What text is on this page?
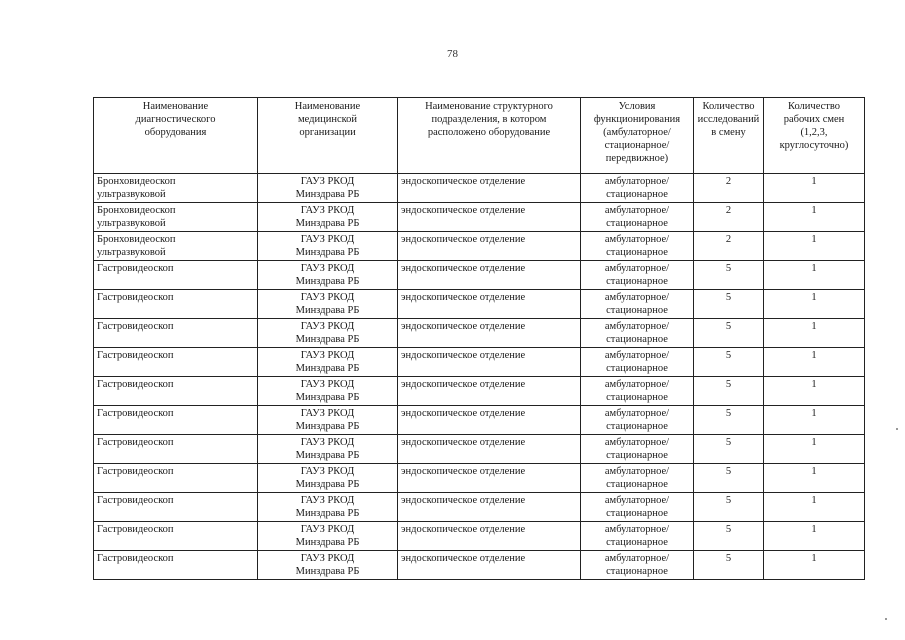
78
Наименование
диагностического
оборудования	Наименование
медицинской
организации	Наименование структурного
подразделения, в котором
расположено оборудование	Условия
функционирования
(амбулаторное/
стационарное/
передвижное)	Количество
исследований
в смену	Количество
рабочих смен
(1,2,3,
круглосуточно)

Бронховидеоскоп
ультразвуковой	ГАУЗ РКОД
Минздрава РБ	эндоскопическое отделение	амбулаторное/
стационарное	2	1

Бронховидеоскоп
ультразвуковой	ГАУЗ РКОД
Минздрава РБ	эндоскопическое отделение	амбулаторное/
стационарное	2	1

Бронховидеоскоп
ультразвуковой	ГАУЗ РКОД
Минздрава РБ	эндоскопическое отделение	амбулаторное/
стационарное	2	1

Гастровидеоскоп	ГАУЗ РКОД
Минздрава РБ	эндоскопическое отделение	амбулаторное/
стационарное	5	1

Гастровидеоскоп	ГАУЗ РКОД
Минздрава РБ	эндоскопическое отделение	амбулаторное/
стационарное	5	1

Гастровидеоскоп	ГАУЗ РКОД
Минздрава РБ	эндоскопическое отделение	амбулаторное/
стационарное	5	1

Гастровидеоскоп	ГАУЗ РКОД
Минздрава РБ	эндоскопическое отделение	амбулаторное/
стационарное	5	1

Гастровидеоскоп	ГАУЗ РКОД
Минздрава РБ	эндоскопическое отделение	амбулаторное/
стационарное	5	1

Гастровидеоскоп	ГАУЗ РКОД
Минздрава РБ	эндоскопическое отделение	амбулаторное/
стационарное	5	1

Гастровидеоскоп	ГАУЗ РКОД
Минздрава РБ	эндоскопическое отделение	амбулаторное/
стационарное	5	1

Гастровидеоскоп	ГАУЗ РКОД
Минздрава РБ	эндоскопическое отделение	амбулаторное/
стационарное	5	1

Гастровидеоскоп	ГАУЗ РКОД
Минздрава РБ	эндоскопическое отделение	амбулаторное/
стационарное	5	1

Гастровидеоскоп	ГАУЗ РКОД
Минздрава РБ	эндоскопическое отделение	амбулаторное/
стационарное	5	1

Гастровидеоскоп	ГАУЗ РКОД
Минздрава РБ	эндоскопическое отделение	амбулаторное/
стационарное	5	1
